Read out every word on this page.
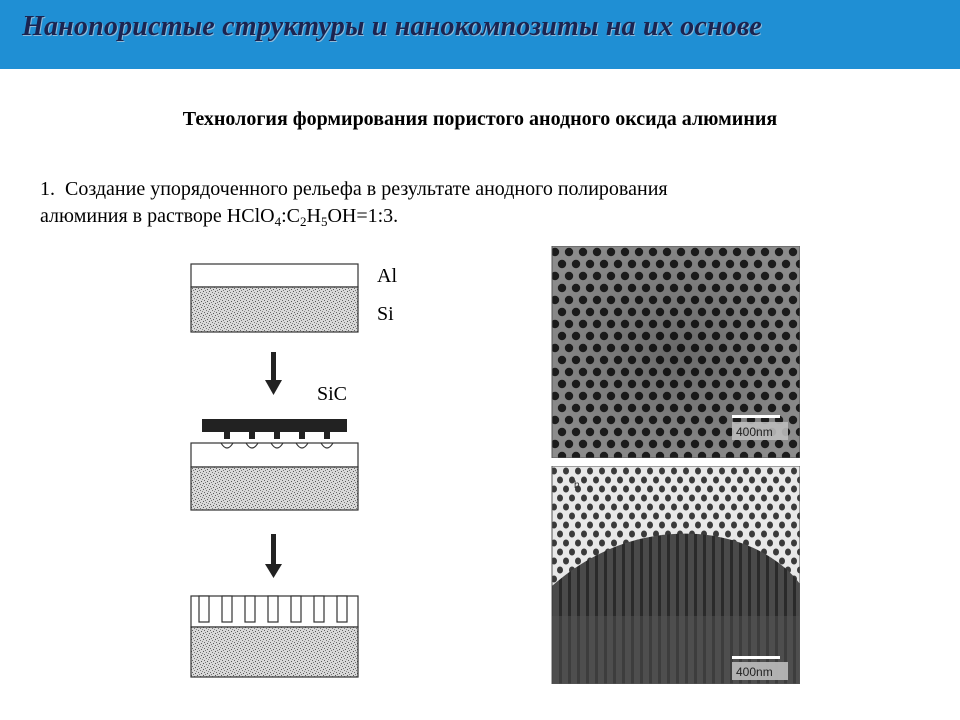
Нанопористые структуры и нанокомпозиты на их основе
Технология формирования пористого анодного оксида алюминия
1. Создание упорядоченного рельефа в результате анодного полирования
алюминия в растворе $HClO_4:C_2H_5OH=1:3$.
Al
Si
SiC
400nm
b
400nm
